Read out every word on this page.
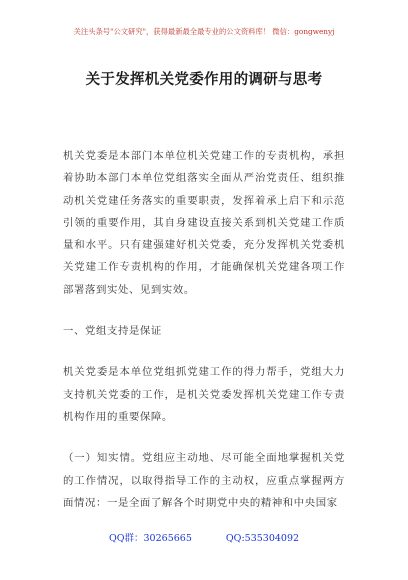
关注头条号"公文研究"，获得最新最全最专业的公文资料库！ 微信：gongwenyj
关于发挥机关党委作用的调研与思考

机关党委是本部门本单位机关党建工作的专责机构，承担着协助本部门本单位党组落实全面从严治党责任、组织推动机关党建任务落实的重要职责，发挥着承上启下和示范引领的重要作用，其自身建设直接关系到机关党建工作质量和水平。只有建强建好机关党委，充分发挥机关党委机关党建工作专责机构的作用，才能确保机关党建各项工作部署落到实处、见到实效。

一、党组支持是保证

机关党委是本单位党组抓党建工作的得力帮手，党组大力支持机关党委的工作，是机关党委发挥机关党建工作专责机构作用的重要保障。

（一）知实情。党组应主动地、尽可能全面地掌握机关党的工作情况，以取得指导工作的主动权，应重点掌握两方面情况：一是全面了解各个时期党中央的精神和中央国家

QQ群：30265665	QQ:535304092
